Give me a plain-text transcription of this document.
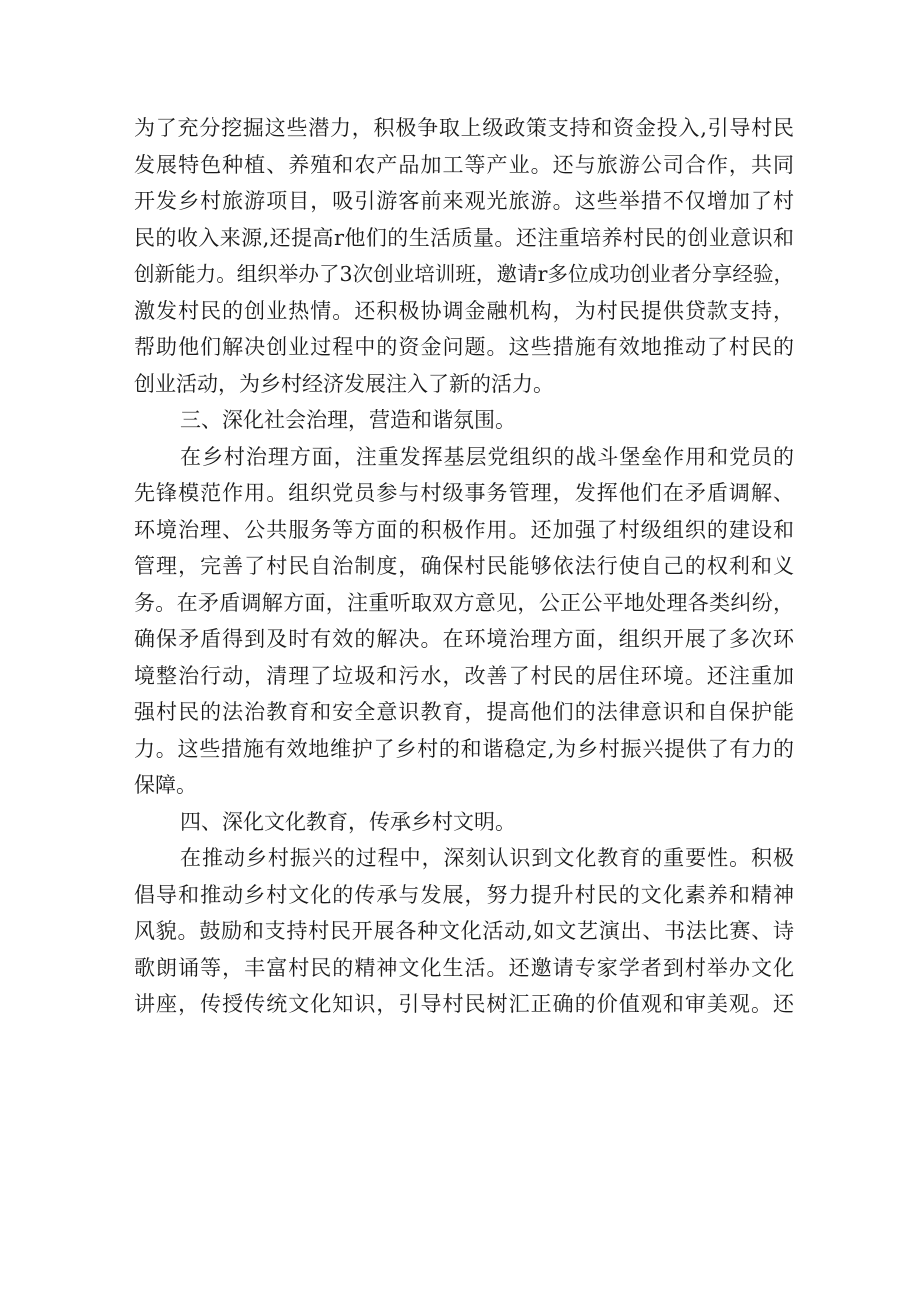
为了充分挖掘这些潜力，积极争取上级政策支持和资金投入,引导村民
发展特色种植、养殖和农产品加工等产业。还与旅游公司合作，共同
开发乡村旅游项目，吸引游客前来观光旅游。这些举措不仅增加了村
民的收入来源,还提高r他们的生活质量。还注重培养村民的创业意识和
创新能力。组织举办了3次创业培训班，邀请r多位成功创业者分享经验，
激发村民的创业热情。还积极协调金融机构，为村民提供贷款支持，
帮助他们解决创业过程中的资金问题。这些措施有效地推动了村民的
创业活动，为乡村经济发展注入了新的活力。
三、深化社会治理，营造和谐氛围。
在乡村治理方面，注重发挥基层党组织的战斗堡垒作用和党员的
先锋模范作用。组织党员参与村级事务管理，发挥他们在矛盾调解、
环境治理、公共服务等方面的积极作用。还加强了村级组织的建设和
管理，完善了村民自治制度，确保村民能够依法行使自己的权利和义
务。在矛盾调解方面，注重听取双方意见，公正公平地处理各类纠纷，
确保矛盾得到及时有效的解决。在环境治理方面，组织开展了多次环
境整治行动，清理了垃圾和污水，改善了村民的居住环境。还注重加
强村民的法治教育和安全意识教育，提高他们的法律意识和自保护能
力。这些措施有效地维护了乡村的和谐稳定,为乡村振兴提供了有力的
保障。
四、深化文化教育，传承乡村文明。
在推动乡村振兴的过程中，深刻认识到文化教育的重要性。积极
倡导和推动乡村文化的传承与发展，努力提升村民的文化素养和精神
风貌。鼓励和支持村民开展各种文化活动,如文艺演出、书法比赛、诗
歌朗诵等，丰富村民的精神文化生活。还邀请专家学者到村举办文化
讲座，传授传统文化知识，引导村民树汇正确的价值观和审美观。还
